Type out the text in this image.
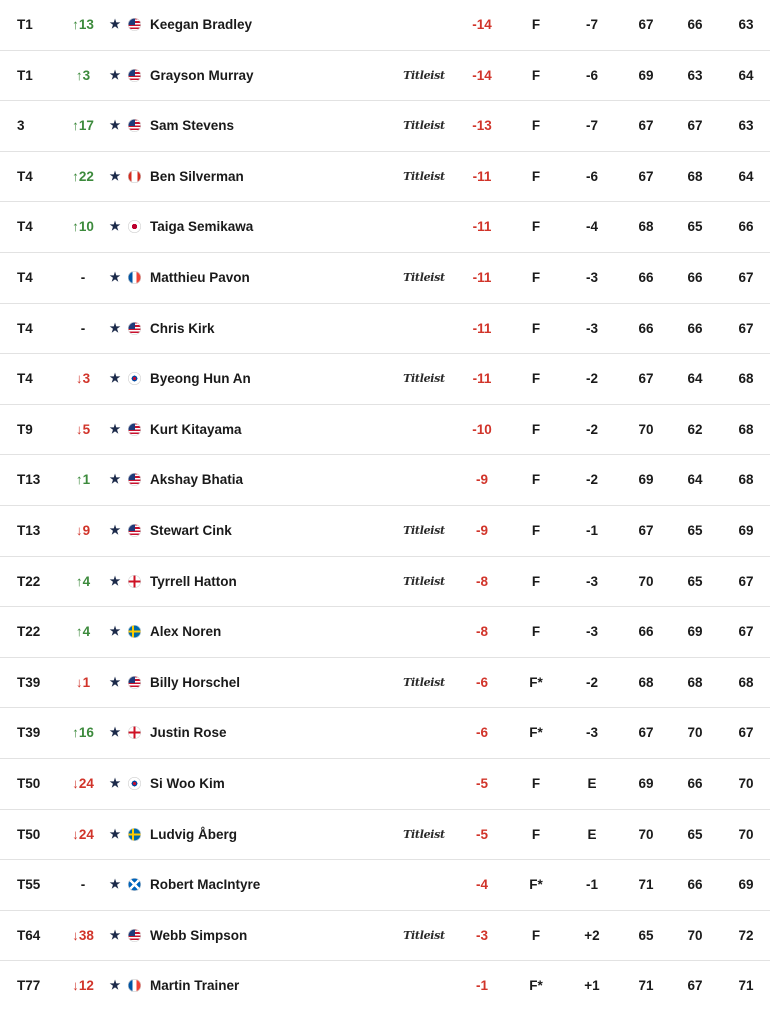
T1	↑13	★ Keegan Bradley	-14	F	-7	67	66	63
T1	↑3	★ Grayson Murray	Titleist	-14	F	-6	69	63	64
3	↑17	★ Sam Stevens	Titleist	-13	F	-7	67	67	63
T4	↑22	★ Ben Silverman	Titleist	-11	F	-6	67	68	64
T4	↑10	★ Taiga Semikawa	-11	F	-4	68	65	66
T4	-	★ Matthieu Pavon	Titleist	-11	F	-3	66	66	67
T4	-	★ Chris Kirk	-11	F	-3	66	66	67
T4	↓3	★ Byeong Hun An	Titleist	-11	F	-2	67	64	68
T9	↓5	★ Kurt Kitayama	-10	F	-2	70	62	68
T13	↑1	★ Akshay Bhatia	-9	F	-2	69	64	68
T13	↓9	★ Stewart Cink	Titleist	-9	F	-1	67	65	69
T22	↑4	★ Tyrrell Hatton	Titleist	-8	F	-3	70	65	67
T22	↑4	★ Alex Noren	-8	F	-3	66	69	67
T39	↓1	★ Billy Horschel	Titleist	-6	F*	-2	68	68	68
T39	↑16	★ Justin Rose	-6	F*	-3	67	70	67
T50	↓24	★ Si Woo Kim	-5	F	E	69	66	70
T50	↓24	★ Ludvig Åberg	Titleist	-5	F	E	70	65	70
T55	-	★ Robert MacIntyre	-4	F*	-1	71	66	69
T64	↓38	★ Webb Simpson	Titleist	-3	F	+2	65	70	72
T77	↓12	★ Martin Trainer	-1	F*	+1	71	67	71
